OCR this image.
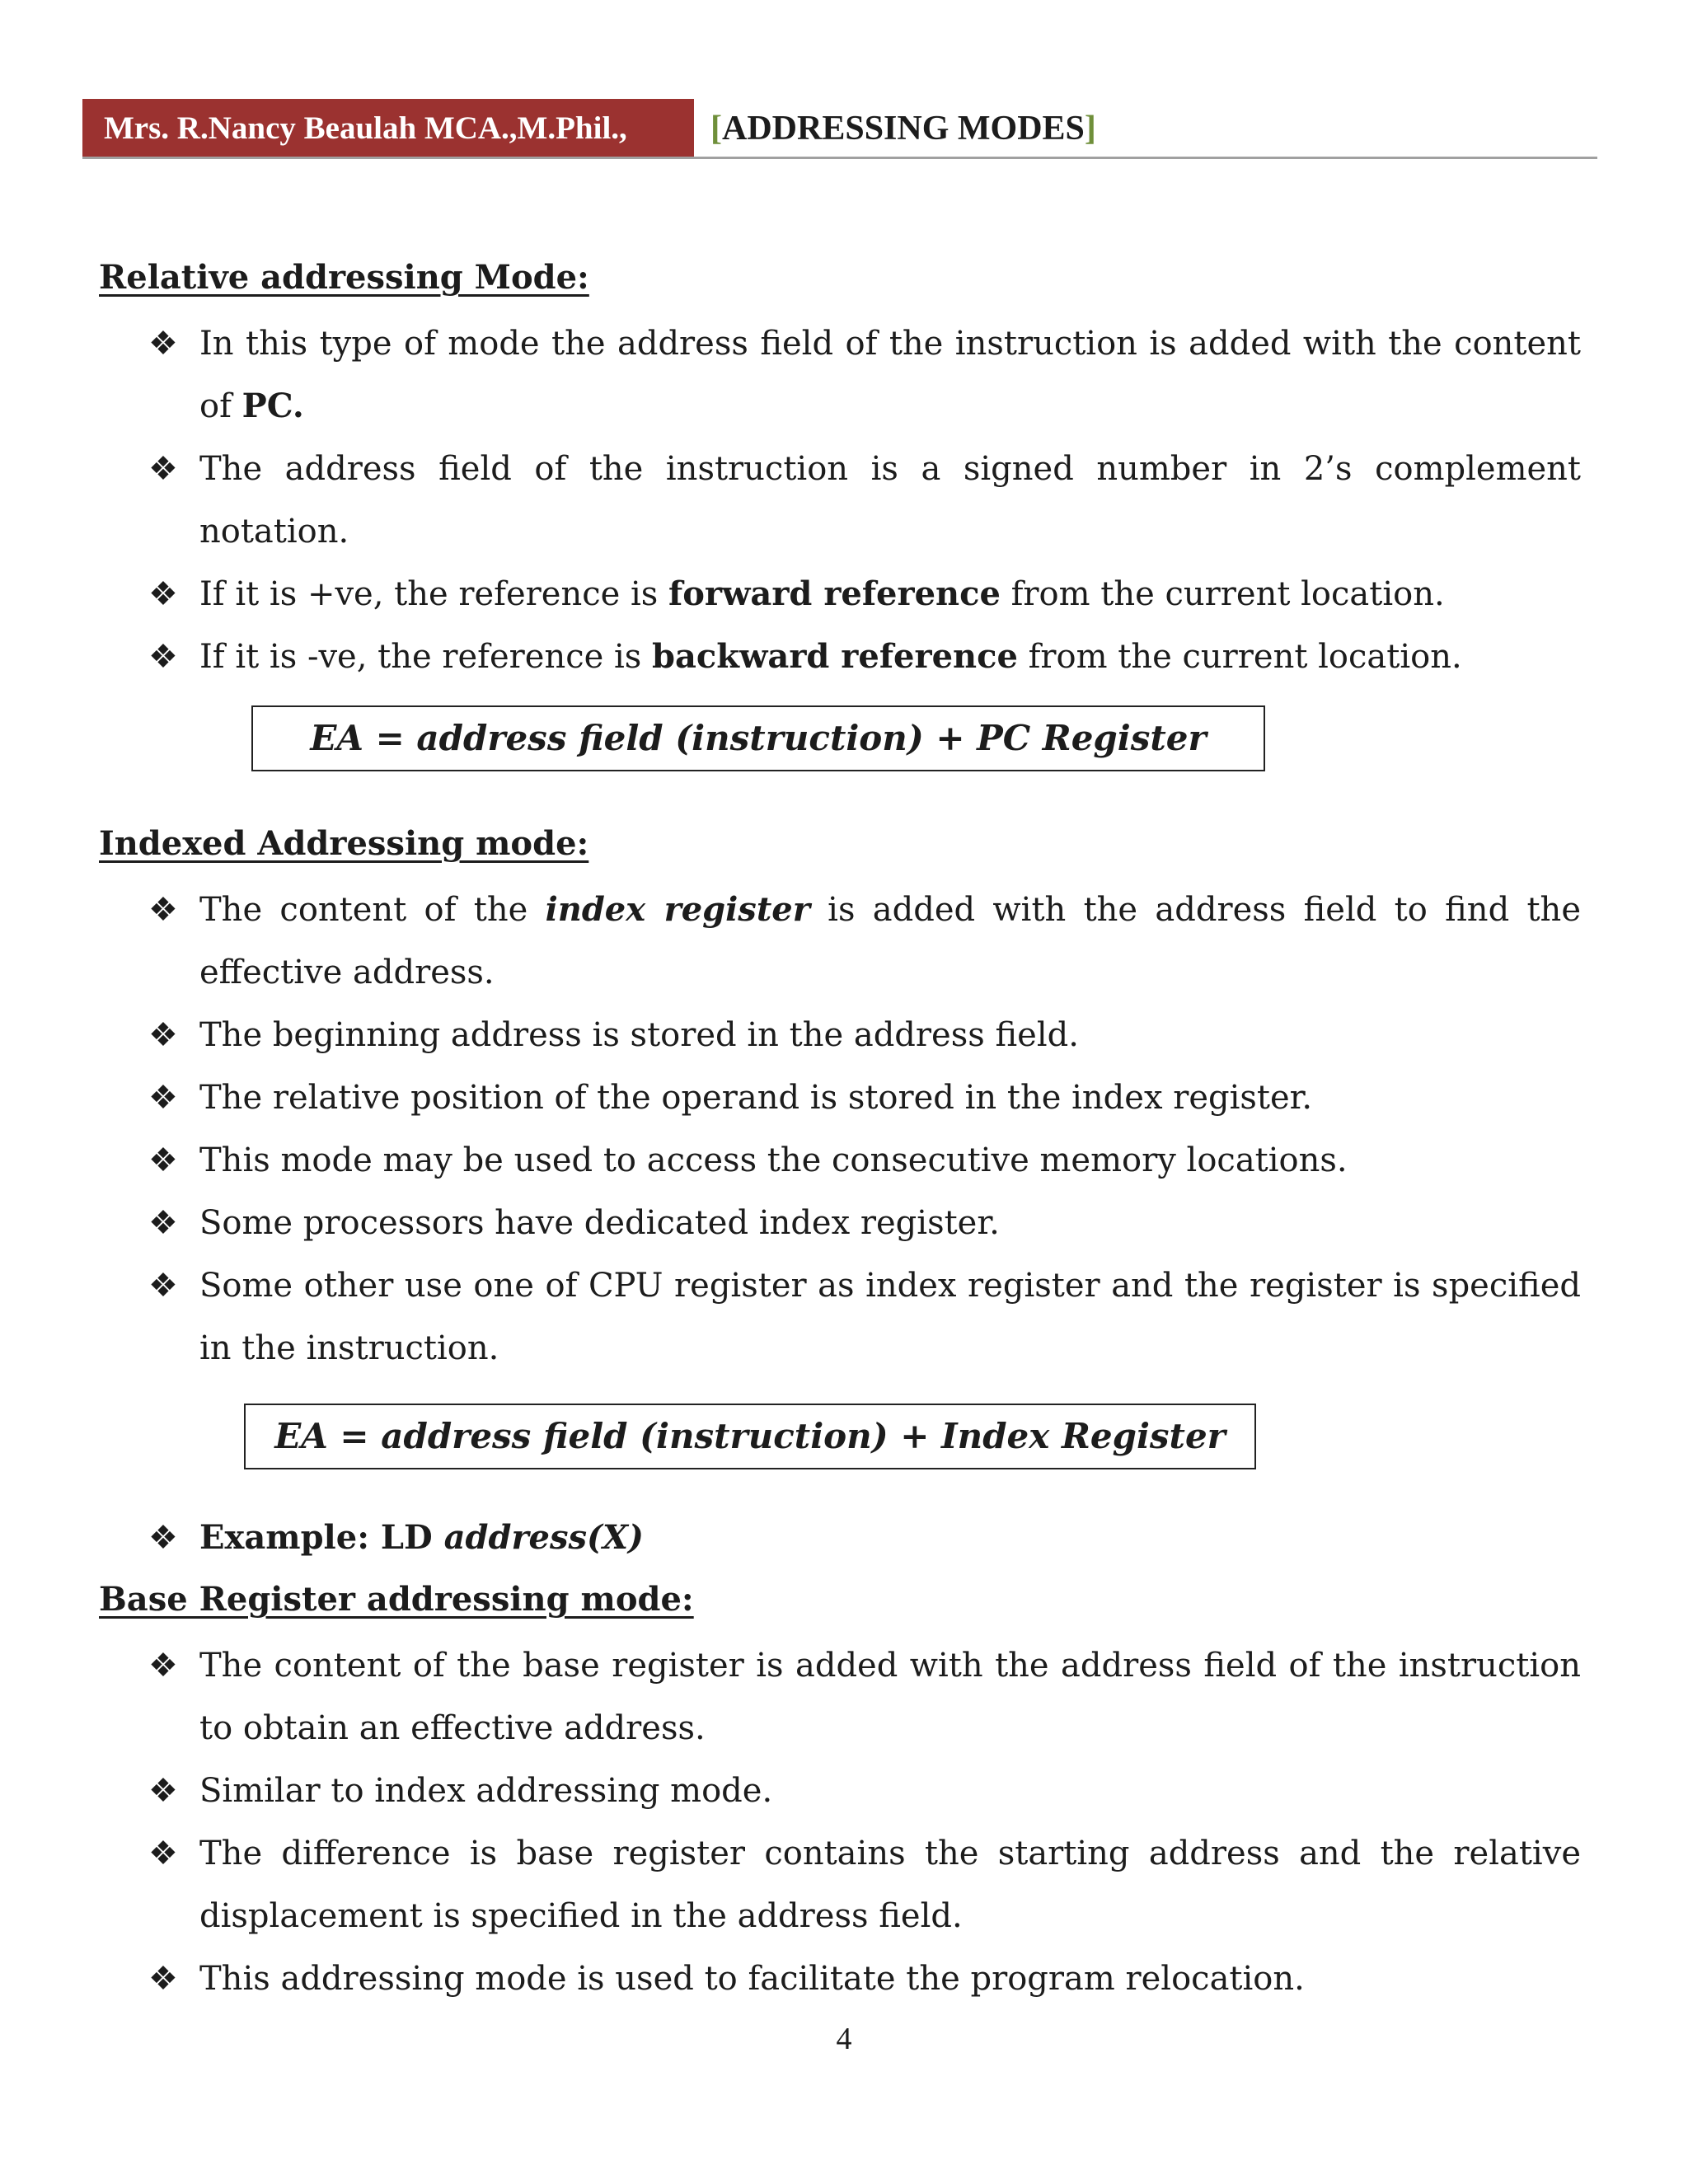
Mrs. R.Nancy Beaulah MCA.,M.Phil.,	[ADDRESSING MODES]
Relative addressing Mode:
❖ In this type of mode the address field of the instruction is added with the content of PC.
❖ The address field of the instruction is a signed number in 2’s complement notation.
❖ If it is +ve, the reference is forward reference from the current location.
❖ If it is -ve, the reference is backward reference from the current location.
EA = address field (instruction) + PC Register
Indexed Addressing mode:
❖ The content of the index register is added with the address field to find the effective address.
❖ The beginning address is stored in the address field.
❖ The relative position of the operand is stored in the index register.
❖ This mode may be used to access the consecutive memory locations.
❖ Some processors have dedicated index register.
❖ Some other use one of CPU register as index register and the register is specified in the instruction.
EA = address field (instruction) + Index Register
❖ Example: LD address(X)
Base Register addressing mode:
❖ The content of the base register is added with the address field of the instruction to obtain an effective address.
❖ Similar to index addressing mode.
❖ The difference is base register contains the starting address and the relative displacement is specified in the address field.
❖ This addressing mode is used to facilitate the program relocation.
4
